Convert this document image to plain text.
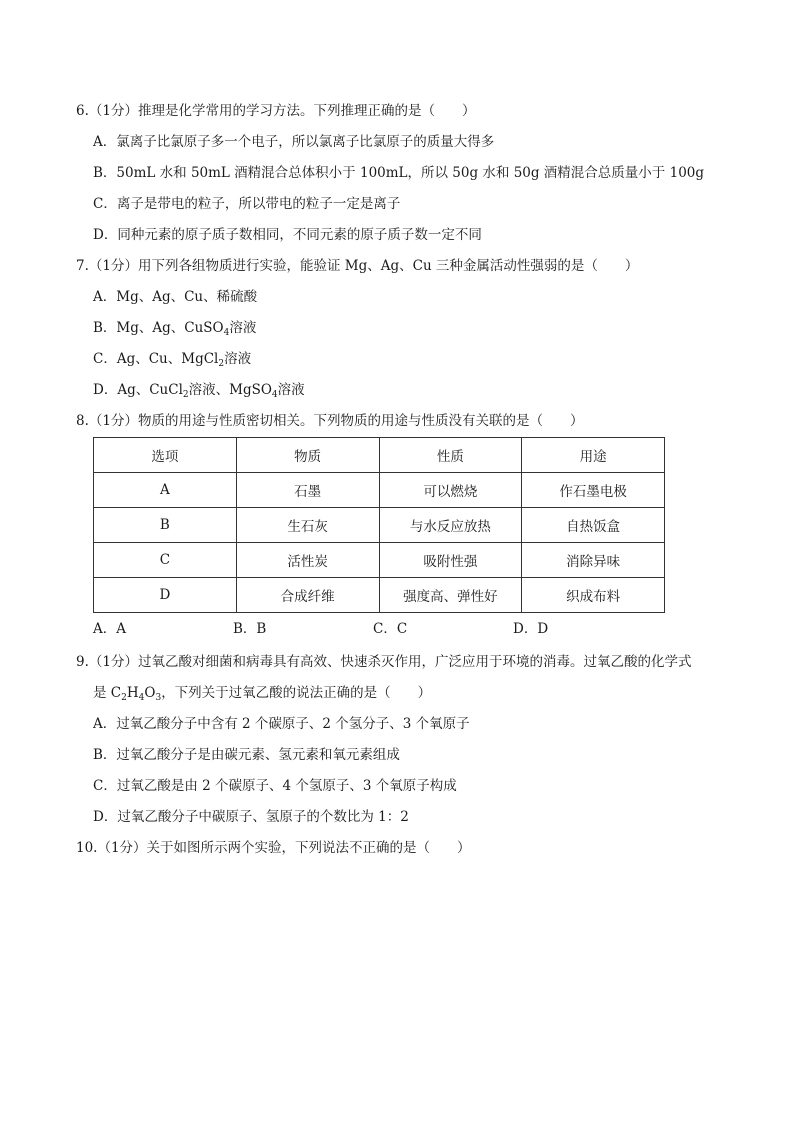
6.（1分）推理是化学常用的学习方法。下列推理正确的是（　　）
A．氯离子比氯原子多一个电子，所以氯离子比氯原子的质量大得多
B．50mL 水和 50mL 酒精混合总体积小于 100mL，所以 50g 水和 50g 酒精混合总质量小于 100g
C．离子是带电的粒子，所以带电的粒子一定是离子
D．同种元素的原子质子数相同，不同元素的原子质子数一定不同
7.（1分）用下列各组物质进行实验，能验证 Mg、Ag、Cu 三种金属活动性强弱的是（　　）
A．Mg、Ag、Cu、稀硫酸
B．Mg、Ag、CuSO$_4$溶液
C．Ag、Cu、MgCl$_2$溶液
D．Ag、CuCl$_2$溶液、MgSO$_4$溶液
8.（1分）物质的用途与性质密切相关。下列物质的用途与性质没有关联的是（　　）
选项	物质	性质	用途
A	石墨	可以燃烧	作石墨电极
B	生石灰	与水反应放热	自热饭盒
C	活性炭	吸附性强	消除异味
D	合成纤维	强度高、弹性好	织成布料
A．A	B．B	C．C	D．D
9.（1分）过氧乙酸对细菌和病毒具有高效、快速杀灭作用，广泛应用于环境的消毒。过氧乙酸的化学式
是 $C_2H_4O_3$，下列关于过氧乙酸的说法正确的是（　　）
A．过氧乙酸分子中含有 2 个碳原子、2 个氢分子、3 个氧原子
B．过氧乙酸分子是由碳元素、氢元素和氧元素组成
C．过氧乙酸是由 2 个碳原子、4 个氢原子、3 个氧原子构成
D．过氧乙酸分子中碳原子、氢原子的个数比为 1：2
10.（1分）关于如图所示两个实验，下列说法不正确的是（　　）
